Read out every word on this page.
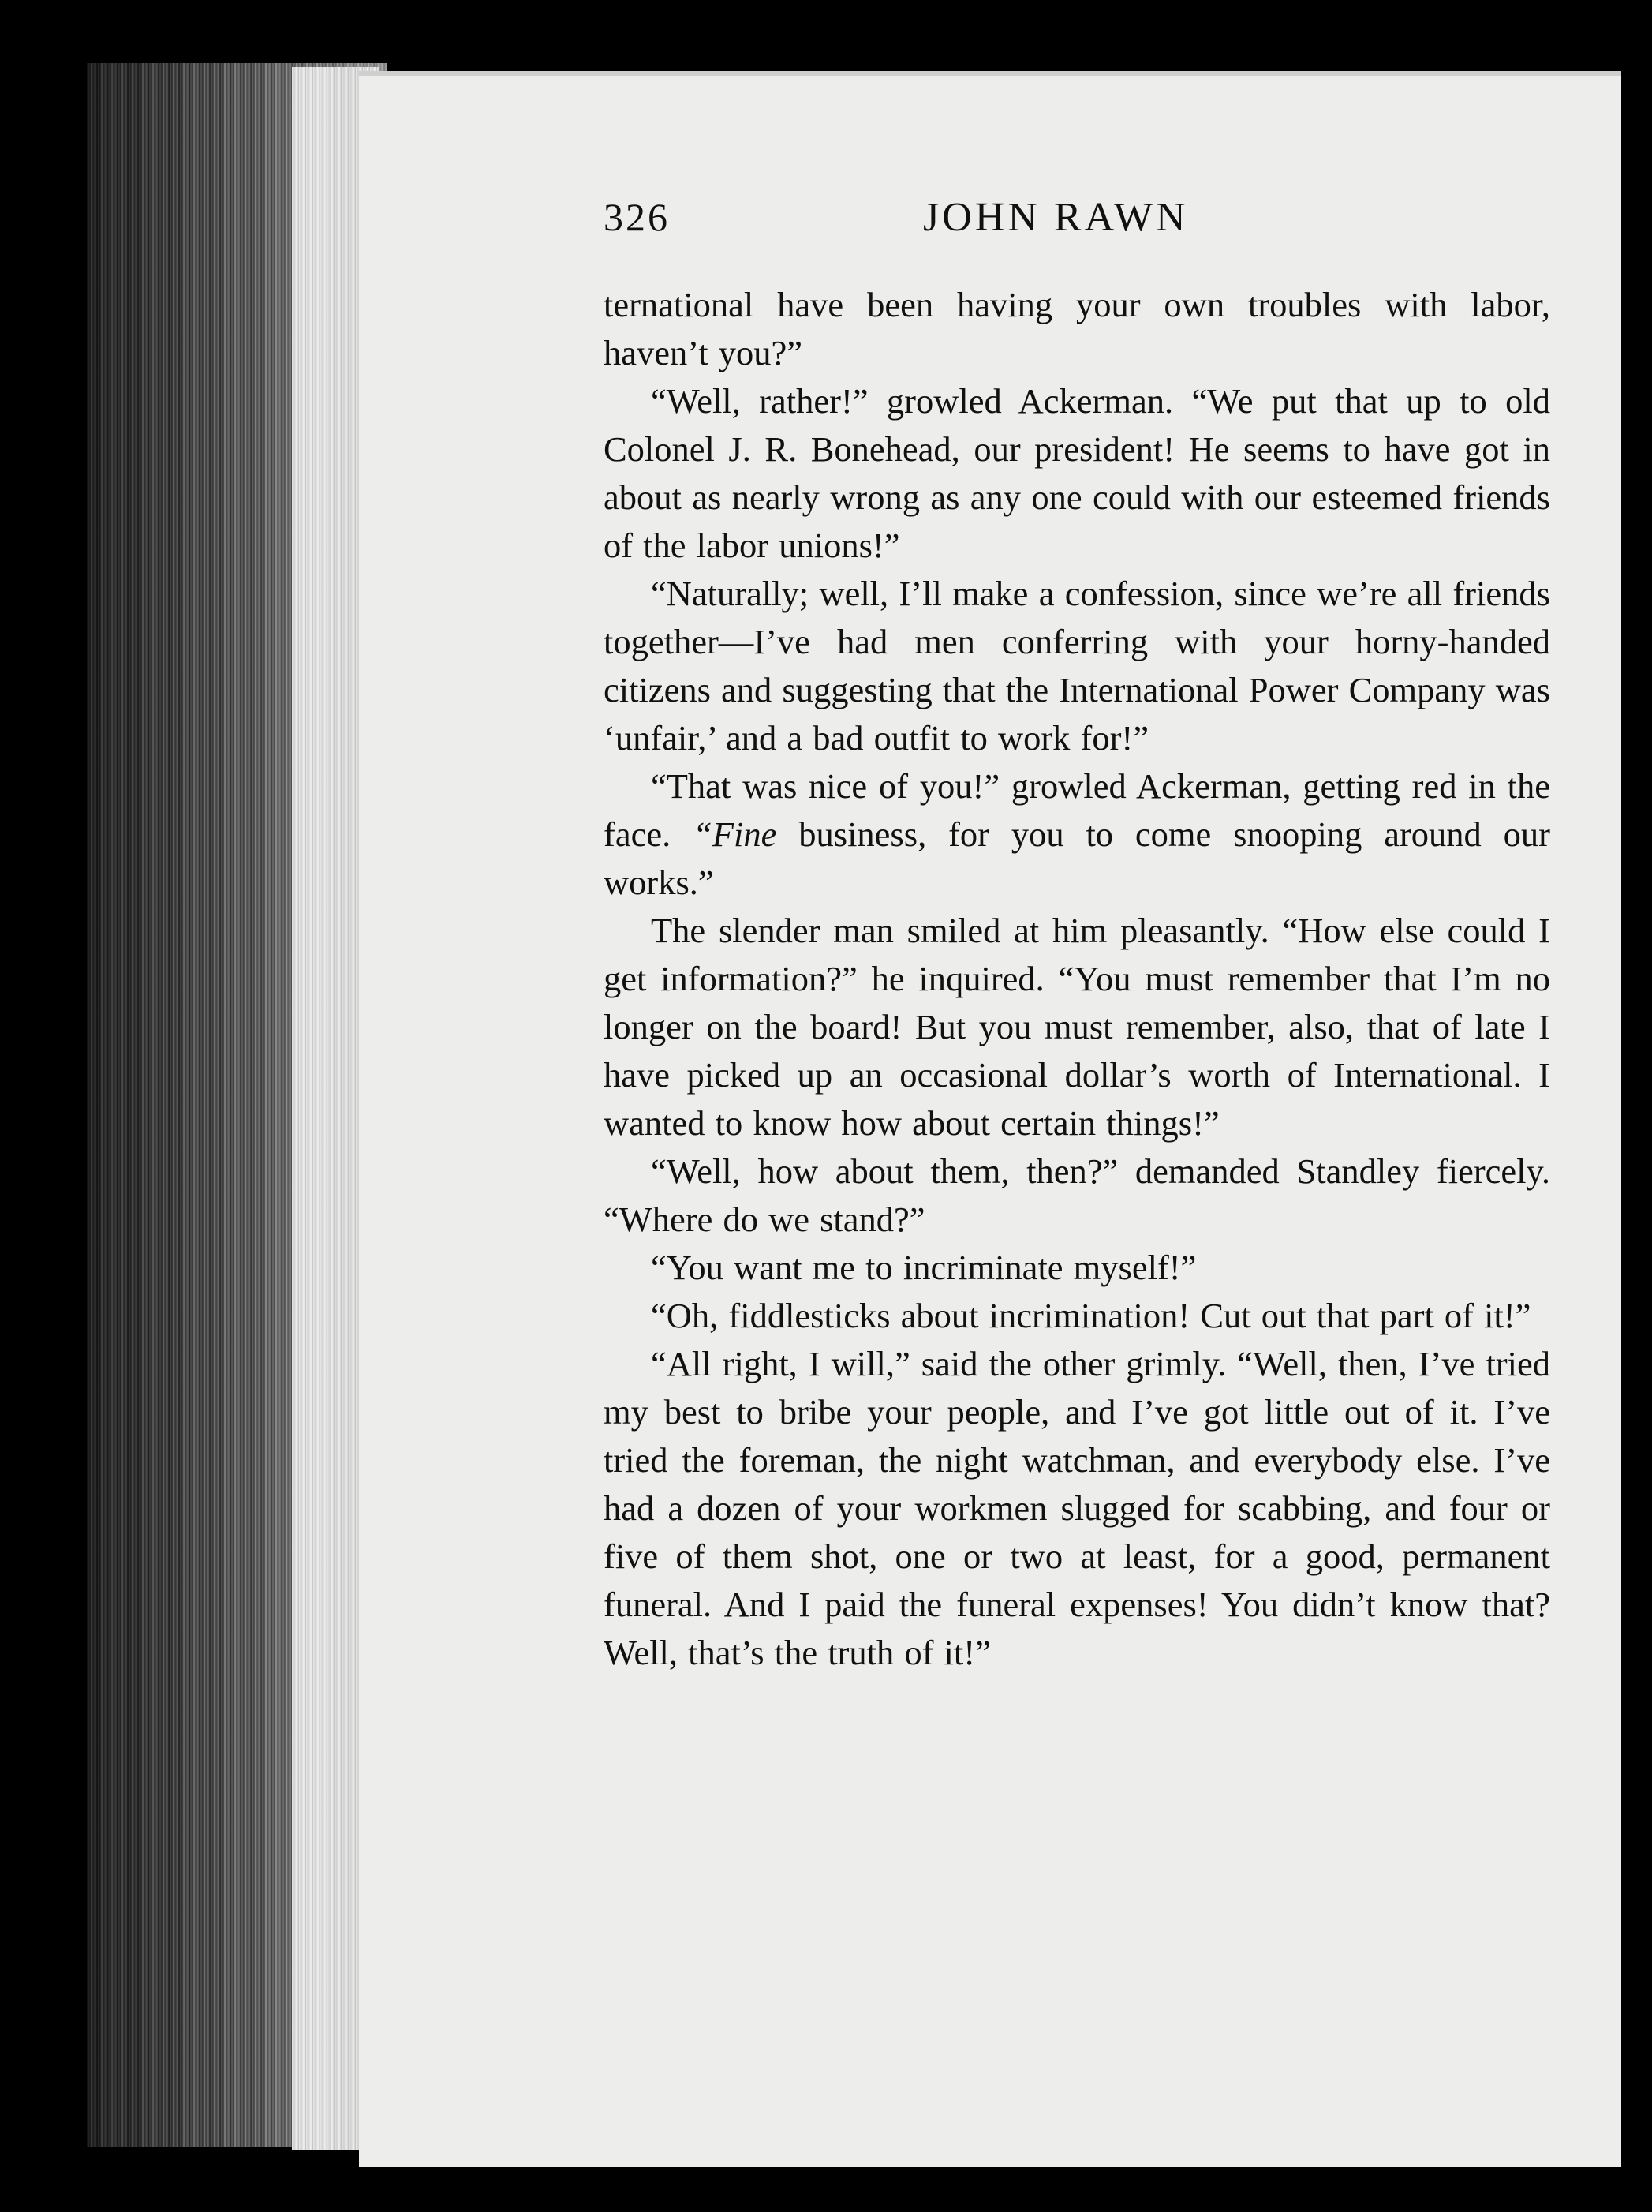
326	JOHN RAWN

ternational have been having your own troubles with labor, haven’t you?”

“Well, rather!” growled Ackerman. “We put that up to old Colonel J. R. Bonehead, our president! He seems to have got in about as nearly wrong as any one could with our esteemed friends of the labor unions!”

“Naturally; well, I’ll make a confession, since we’re all friends together—I’ve had men conferring with your horny-handed citizens and suggesting that the International Power Company was ‘unfair,’ and a bad outfit to work for!”

“That was nice of you!” growled Ackerman, getting red in the face. “Fine business, for you to come snooping around our works.”

The slender man smiled at him pleasantly. “How else could I get information?” he inquired. “You must remember that I’m no longer on the board! But you must remember, also, that of late I have picked up an occasional dollar’s worth of International. I wanted to know how about certain things!”

“Well, how about them, then?” demanded Standley fiercely. “Where do we stand?”

“You want me to incriminate myself!”

“Oh, fiddlesticks about incrimination! Cut out that part of it!”

“All right, I will,” said the other grimly. “Well, then, I’ve tried my best to bribe your people, and I’ve got little out of it. I’ve tried the foreman, the night watchman, and everybody else. I’ve had a dozen of your workmen slugged for scabbing, and four or five of them shot, one or two at least, for a good, permanent funeral. And I paid the funeral expenses! You didn’t know that? Well, that’s the truth of it!”
